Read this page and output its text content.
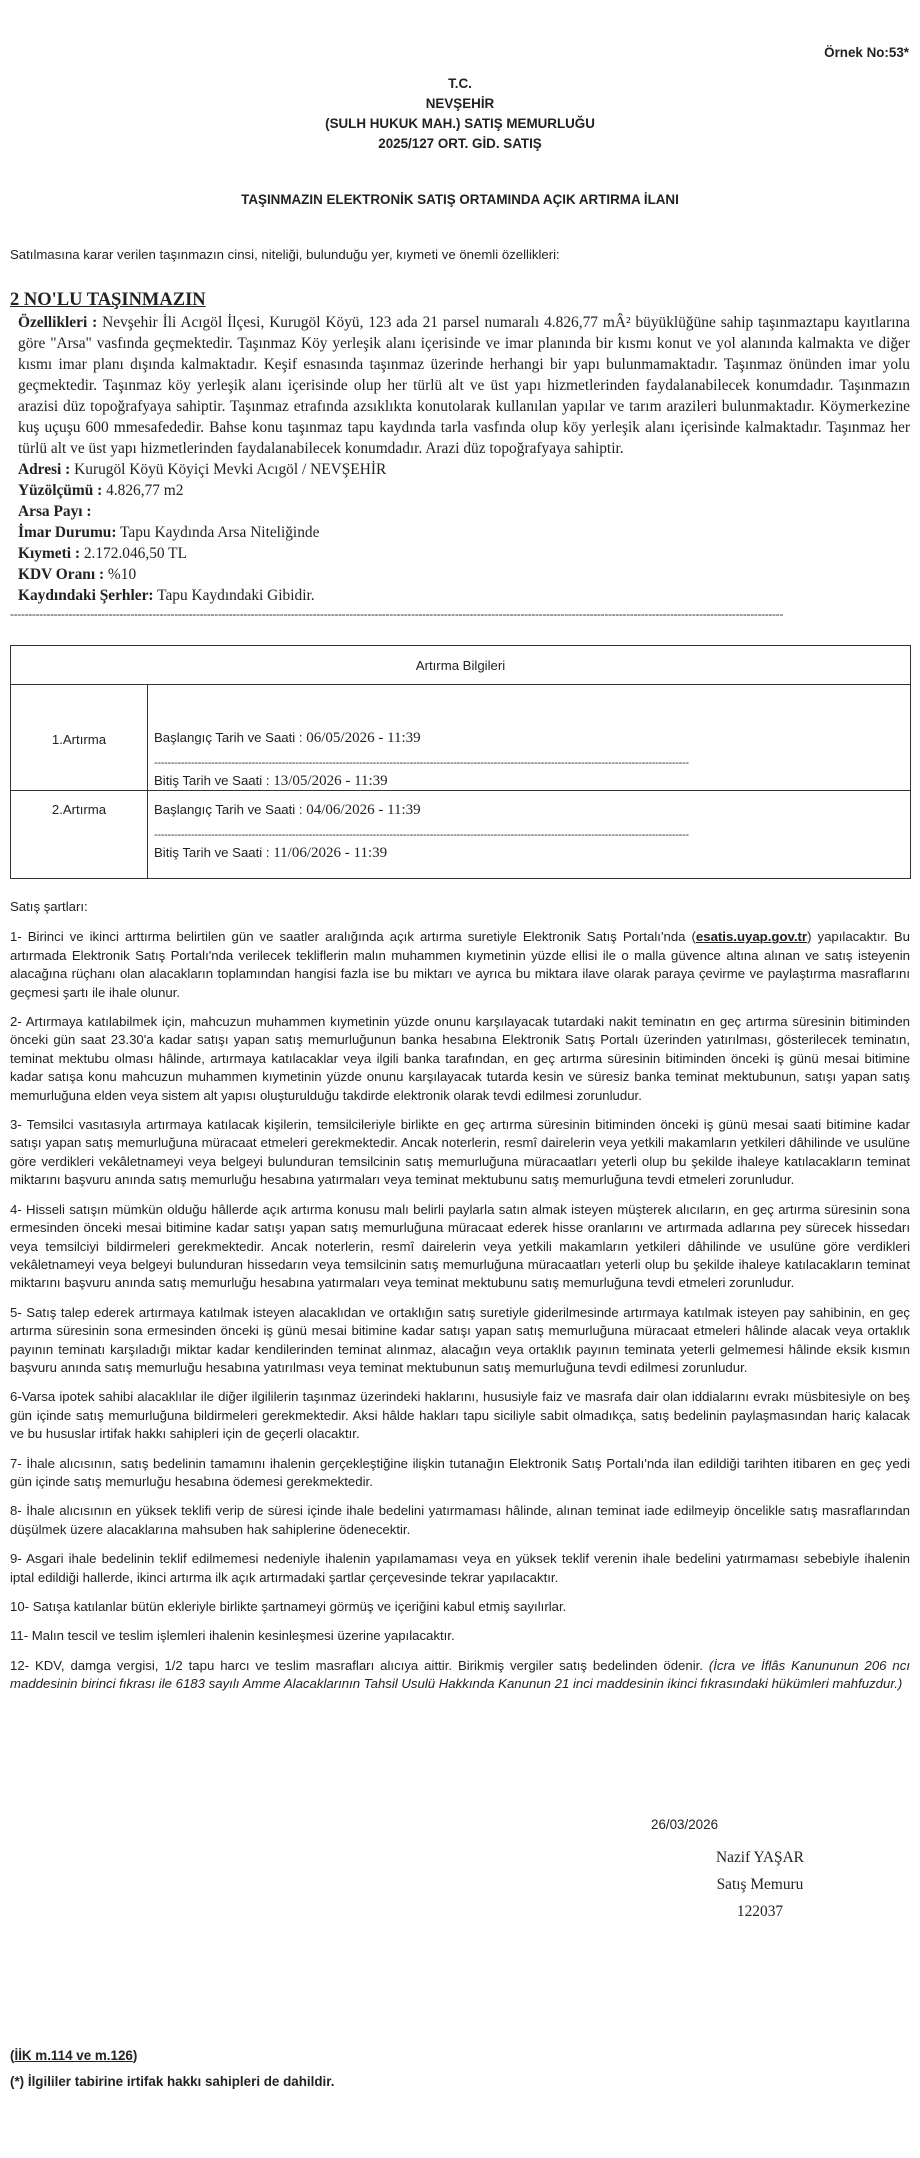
Örnek No:53*
T.C.
NEVŞEHİR
(SULH HUKUK MAH.) SATIŞ MEMURLUĞU
2025/127 ORT. GİD. SATIŞ
TAŞINMAZIN ELEKTRONİK SATIŞ ORTAMINDA AÇIK ARTIRMA İLANI
Satılmasına karar verilen taşınmazın cinsi, niteliği, bulunduğu yer, kıymeti ve önemli özellikleri:
2 NO'LU TAŞINMAZIN
Özellikleri : Nevşehir İli Acıgöl İlçesi, Kurugöl Köyü, 123 ada 21 parsel numaralı 4.826,77 mÂ² büyüklüğüne sahip taşınmaztapu kayıtlarına göre "Arsa" vasfında geçmektedir. Taşınmaz Köy yerleşik alanı içerisinde ve imar planında bir kısmı konut ve yol alanında kalmakta ve diğer kısmı imar planı dışında kalmaktadır. Keşif esnasında taşınmaz üzerinde herhangi bir yapı bulunmamaktadır. Taşınmaz önünden imar yolu geçmektedir. Taşınmaz köy yerleşik alanı içerisinde olup her türlü alt ve üst yapı hizmetlerinden faydalanabilecek konumdadır. Taşınmazın arazisi düz topoğrafyaya sahiptir. Taşınmaz etrafında azsıklıkta konutolarak kullanılan yapılar ve tarım arazileri bulunmaktadır. Köymerkezine kuş uçuşu 600 mmesafededir. Bahse konu taşınmaz tapu kaydında tarla vasfında olup köy yerleşik alanı içerisinde kalmaktadır. Taşınmaz her türlü alt ve üst yapı hizmetlerinden faydalanabilecek konumdadır. Arazi düz topoğrafyaya sahiptir.
Adresi : Kurugöl Köyü Köyiçi Mevki Acıgöl / NEVŞEHİR
Yüzölçümü : 4.826,77 m2
Arsa Payı :
İmar Durumu: Tapu Kaydında Arsa Niteliğinde
Kıymeti : 2.172.046,50 TL
KDV Oranı : %10
Kaydındaki Şerhler: Tapu Kaydındaki Gibidir.
--------------------------------------------------------------------------------------------------------------------------------------------------------------------------------------------------------------------
Artırma Bilgileri	
1.Artırma	Başlangıç Tarih ve Saati : 06/05/2026 - 11:39
---------------------------------------------------------------------------------------------------------------------------------------------------------------
Bitiş Tarih ve Saati : 13/05/2026 - 11:39

2.Artırma	Başlangıç Tarih ve Saati : 04/06/2026 - 11:39
---------------------------------------------------------------------------------------------------------------------------------------------------------------
Bitiş Tarih ve Saati : 11/06/2026 - 11:39

Satış şartları:

1- Birinci ve ikinci arttırma belirtilen gün ve saatler aralığında açık artırma suretiyle Elektronik Satış Portalı'nda (esatis.uyap.gov.tr) yapılacaktır. Bu artırmada Elektronik Satış Portalı'nda verilecek tekliflerin malın muhammen kıymetinin yüzde ellisi ile o malla güvence altına alınan ve satış isteyenin alacağına rüçhanı olan alacakların toplamından hangisi fazla ise bu miktarı ve ayrıca bu miktara ilave olarak paraya çevirme ve paylaştırma masraflarını geçmesi şartı ile ihale olunur.

2- Artırmaya katılabilmek için, mahcuzun muhammen kıymetinin yüzde onunu karşılayacak tutardaki nakit teminatın en geç artırma süresinin bitiminden önceki gün saat 23.30'a kadar satışı yapan satış memurluğunun banka hesabına Elektronik Satış Portalı üzerinden yatırılması, gösterilecek teminatın, teminat mektubu olması hâlinde, artırmaya katılacaklar veya ilgili banka tarafından, en geç artırma süresinin bitiminden önceki iş günü mesai bitimine kadar satışa konu mahcuzun muhammen kıymetinin yüzde onunu karşılayacak tutarda kesin ve süresiz banka teminat mektubunun, satışı yapan satış memurluğuna elden veya sistem alt yapısı oluşturulduğu takdirde elektronik olarak tevdi edilmesi zorunludur.

3- Temsilci vasıtasıyla artırmaya katılacak kişilerin, temsilcileriyle birlikte en geç artırma süresinin bitiminden önceki iş günü mesai saati bitimine kadar satışı yapan satış memurluğuna müracaat etmeleri gerekmektedir. Ancak noterlerin, resmî dairelerin veya yetkili makamların yetkileri dâhilinde ve usulüne göre verdikleri vekâletnameyi veya belgeyi bulunduran temsilcinin satış memurluğuna müracaatları yeterli olup bu şekilde ihaleye katılacakların teminat miktarını başvuru anında satış memurluğu hesabına yatırmaları veya teminat mektubunu satış memurluğuna tevdi etmeleri zorunludur.

4- Hisseli satışın mümkün olduğu hâllerde açık artırma konusu malı belirli paylarla satın almak isteyen müşterek alıcıların, en geç artırma süresinin sona ermesinden önceki mesai bitimine kadar satışı yapan satış memurluğuna müracaat ederek hisse oranlarını ve artırmada adlarına pey sürecek hissedarı veya temsilciyi bildirmeleri gerekmektedir. Ancak noterlerin, resmî dairelerin veya yetkili makamların yetkileri dâhilinde ve usulüne göre verdikleri vekâletnameyi veya belgeyi bulunduran hissedarın veya temsilcinin satış memurluğuna müracaatları yeterli olup bu şekilde ihaleye katılacakların teminat miktarını başvuru anında satış memurluğu hesabına yatırmaları veya teminat mektubunu satış memurluğuna tevdi etmeleri zorunludur.

5- Satış talep ederek artırmaya katılmak isteyen alacaklıdan ve ortaklığın satış suretiyle giderilmesinde artırmaya katılmak isteyen pay sahibinin, en geç artırma süresinin sona ermesinden önceki iş günü mesai bitimine kadar satışı yapan satış memurluğuna müracaat etmeleri hâlinde alacak veya ortaklık payının teminatı karşıladığı miktar kadar kendilerinden teminat alınmaz, alacağın veya ortaklık payının teminata yeterli gelmemesi hâlinde eksik kısmın başvuru anında satış memurluğu hesabına yatırılması veya teminat mektubunun satış memurluğuna tevdi edilmesi zorunludur.

6-Varsa ipotek sahibi alacaklılar ile diğer ilgililerin taşınmaz üzerindeki haklarını, hususiyle faiz ve masrafa dair olan iddialarını evrakı müsbitesiyle on beş gün içinde satış memurluğuna bildirmeleri gerekmektedir. Aksi hâlde hakları tapu siciliyle sabit olmadıkça, satış bedelinin paylaşmasından hariç kalacak ve bu hususlar irtifak hakkı sahipleri için de geçerli olacaktır.

7- İhale alıcısının, satış bedelinin tamamını ihalenin gerçekleştiğine ilişkin tutanağın Elektronik Satış Portalı'nda ilan edildiği tarihten itibaren en geç yedi gün içinde satış memurluğu hesabına ödemesi gerekmektedir.

8- İhale alıcısının en yüksek teklifi verip de süresi içinde ihale bedelini yatırmaması hâlinde, alınan teminat iade edilmeyip öncelikle satış masraflarından düşülmek üzere alacaklarına mahsuben hak sahiplerine ödenecektir.

9- Asgari ihale bedelinin teklif edilmemesi nedeniyle ihalenin yapılamaması veya en yüksek teklif verenin ihale bedelini yatırmaması sebebiyle ihalenin iptal edildiği hallerde, ikinci artırma ilk açık artırmadaki şartlar çerçevesinde tekrar yapılacaktır.

10- Satışa katılanlar bütün ekleriyle birlikte şartnameyi görmüş ve içeriğini kabul etmiş sayılırlar.

11- Malın tescil ve teslim işlemleri ihalenin kesinleşmesi üzerine yapılacaktır.

12- KDV, damga vergisi, 1/2 tapu harcı ve teslim masrafları alıcıya aittir. Birikmiş vergiler satış bedelinden ödenir. (İcra ve İflâs Kanununun 206 ncı maddesinin birinci fıkrası ile 6183 sayılı Amme Alacaklarının Tahsil Usulü Hakkında Kanunun 21 inci maddesinin ikinci fıkrasındaki hükümleri mahfuzdur.)

26/03/2026
Nazif YAŞAR
Satış Memuru
122037
(İİK m.114 ve m.126)
(*) İlgililer tabirine irtifak hakkı sahipleri de dahildir.
